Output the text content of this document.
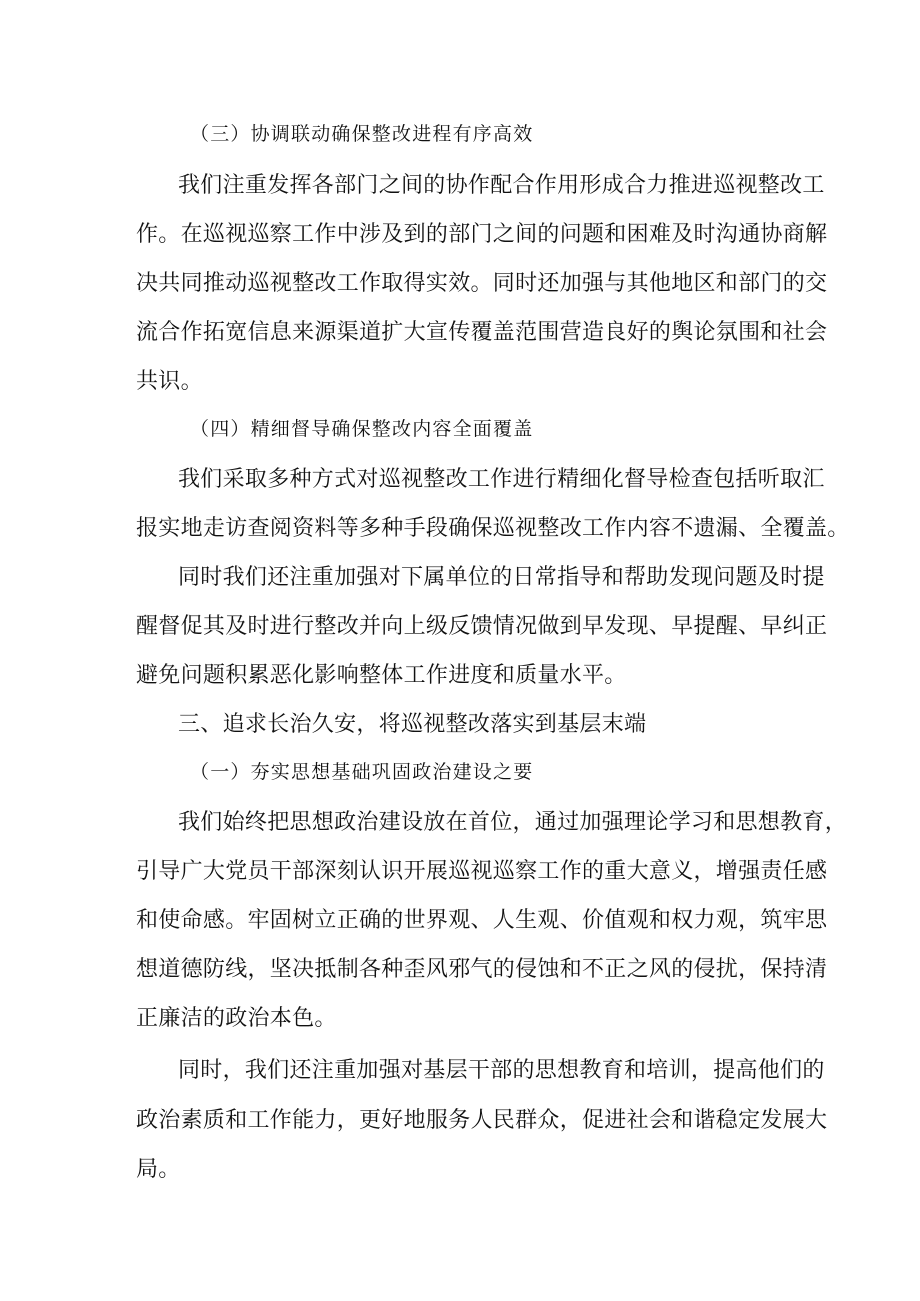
（三）协调联动确保整改进程有序高效
我们注重发挥各部门之间的协作配合作用形成合力推进巡视整改工
作。在巡视巡察工作中涉及到的部门之间的问题和困难及时沟通协商解
决共同推动巡视整改工作取得实效。同时还加强与其他地区和部门的交
流合作拓宽信息来源渠道扩大宣传覆盖范围营造良好的舆论氛围和社会
共识。
（四）精细督导确保整改内容全面覆盖
我们采取多种方式对巡视整改工作进行精细化督导检查包括听取汇
报实地走访查阅资料等多种手段确保巡视整改工作内容不遗漏、全覆盖。
同时我们还注重加强对下属单位的日常指导和帮助发现问题及时提
醒督促其及时进行整改并向上级反馈情况做到早发现、早提醒、早纠正
避免问题积累恶化影响整体工作进度和质量水平。
三、追求长治久安，将巡视整改落实到基层末端
（一）夯实思想基础巩固政治建设之要
我们始终把思想政治建设放在首位，通过加强理论学习和思想教育，
引导广大党员干部深刻认识开展巡视巡察工作的重大意义，增强责任感
和使命感。牢固树立正确的世界观、人生观、价值观和权力观，筑牢思
想道德防线，坚决抵制各种歪风邪气的侵蚀和不正之风的侵扰，保持清
正廉洁的政治本色。
同时，我们还注重加强对基层干部的思想教育和培训，提高他们的
政治素质和工作能力，更好地服务人民群众，促进社会和谐稳定发展大
局。
